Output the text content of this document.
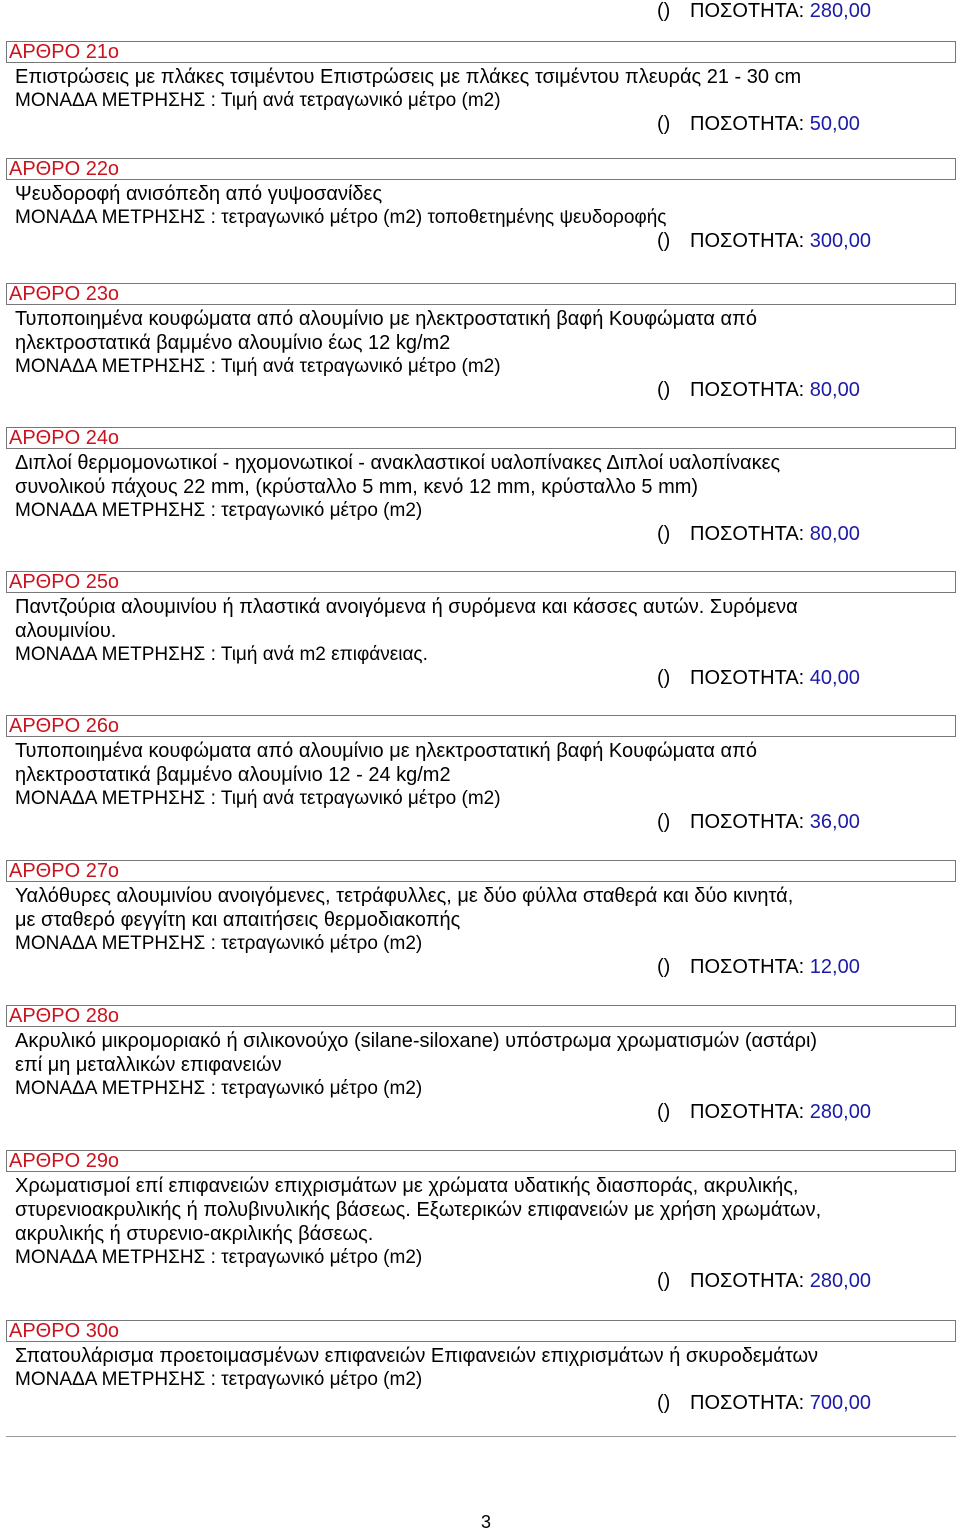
() ΠΟΣΟΤΗΤΑ: 280,00
ΑΡΘΡΟ 21ο
Επιστρώσεις με πλάκες τσιμέντου Επιστρώσεις με πλάκες τσιμέντου πλευράς 21 - 30 cm
ΜΟΝΑΔΑ ΜΕΤΡΗΣΗΣ : Τιμή ανά τετραγωνικό μέτρο (m2)
() ΠΟΣΟΤΗΤΑ: 50,00
ΑΡΘΡΟ 22ο
Ψευδοροφή ανισόπεδη από γυψοσανίδες
ΜΟΝΑΔΑ ΜΕΤΡΗΣΗΣ : τετραγωνικό μέτρο (m2) τοποθετημένης ψευδοροφής
() ΠΟΣΟΤΗΤΑ: 300,00
ΑΡΘΡΟ 23ο
Τυποποιημένα κουφώματα από αλουμίνιο με ηλεκτροστατική βαφή Κουφώματα από
ηλεκτροστατικά βαμμένο αλουμίνιο έως 12 kg/m2
ΜΟΝΑΔΑ ΜΕΤΡΗΣΗΣ : Τιμή ανά τετραγωνικό μέτρο (m2)
() ΠΟΣΟΤΗΤΑ: 80,00
ΑΡΘΡΟ 24ο
Διπλοί θερμομονωτικοί - ηχομονωτικοί - ανακλαστικοί υαλοπίνακες Διπλοί υαλοπίνακες
συνολικού πάχους 22 mm, (κρύσταλλο 5 mm, κενό 12 mm, κρύσταλλο 5 mm)
ΜΟΝΑΔΑ ΜΕΤΡΗΣΗΣ : τετραγωνικό μέτρο (m2)
() ΠΟΣΟΤΗΤΑ: 80,00
ΑΡΘΡΟ 25ο
Παντζούρια αλουμινίου ή πλαστικά ανοιγόμενα ή συρόμενα και κάσσες αυτών. Συρόμενα
αλουμινίου.
ΜΟΝΑΔΑ ΜΕΤΡΗΣΗΣ : Τιμή ανά m2 επιφάνειας.
() ΠΟΣΟΤΗΤΑ: 40,00
ΑΡΘΡΟ 26ο
Τυποποιημένα κουφώματα από αλουμίνιο με ηλεκτροστατική βαφή Κουφώματα από
ηλεκτροστατικά βαμμένο αλουμίνιο 12 - 24 kg/m2
ΜΟΝΑΔΑ ΜΕΤΡΗΣΗΣ : Τιμή ανά τετραγωνικό μέτρο (m2)
() ΠΟΣΟΤΗΤΑ: 36,00
ΑΡΘΡΟ 27ο
Υαλόθυρες αλουμινίου ανοιγόμενες, τετράφυλλες, με δύο φύλλα σταθερά και δύο κινητά,
με σταθερό φεγγίτη και απαιτήσεις θερμοδιακοπής
ΜΟΝΑΔΑ ΜΕΤΡΗΣΗΣ : τετραγωνικό μέτρο (m2)
() ΠΟΣΟΤΗΤΑ: 12,00
ΑΡΘΡΟ 28ο
Ακρυλικό μικρομοριακό ή σιλικονούχο (silane-siloxane) υπόστρωμα χρωματισμών (αστάρι)
επί μη μεταλλικών επιφανειών
ΜΟΝΑΔΑ ΜΕΤΡΗΣΗΣ : τετραγωνικό μέτρο (m2)
() ΠΟΣΟΤΗΤΑ: 280,00
ΑΡΘΡΟ 29ο
Χρωματισμοί επί επιφανειών επιχρισμάτων με χρώματα υδατικής διασποράς, ακρυλικής,
στυρενιοακρυλικής ή πολυβινυλικής βάσεως. Εξωτερικών επιφανειών με χρήση χρωμάτων,
ακρυλικής ή στυρενιο-ακριλικής βάσεως.
ΜΟΝΑΔΑ ΜΕΤΡΗΣΗΣ : τετραγωνικό μέτρο (m2)
() ΠΟΣΟΤΗΤΑ: 280,00
ΑΡΘΡΟ 30ο
Σπατουλάρισμα προετοιμασμένων επιφανειών Επιφανειών επιχρισμάτων ή σκυροδεμάτων
ΜΟΝΑΔΑ ΜΕΤΡΗΣΗΣ : τετραγωνικό μέτρο (m2)
() ΠΟΣΟΤΗΤΑ: 700,00
3
